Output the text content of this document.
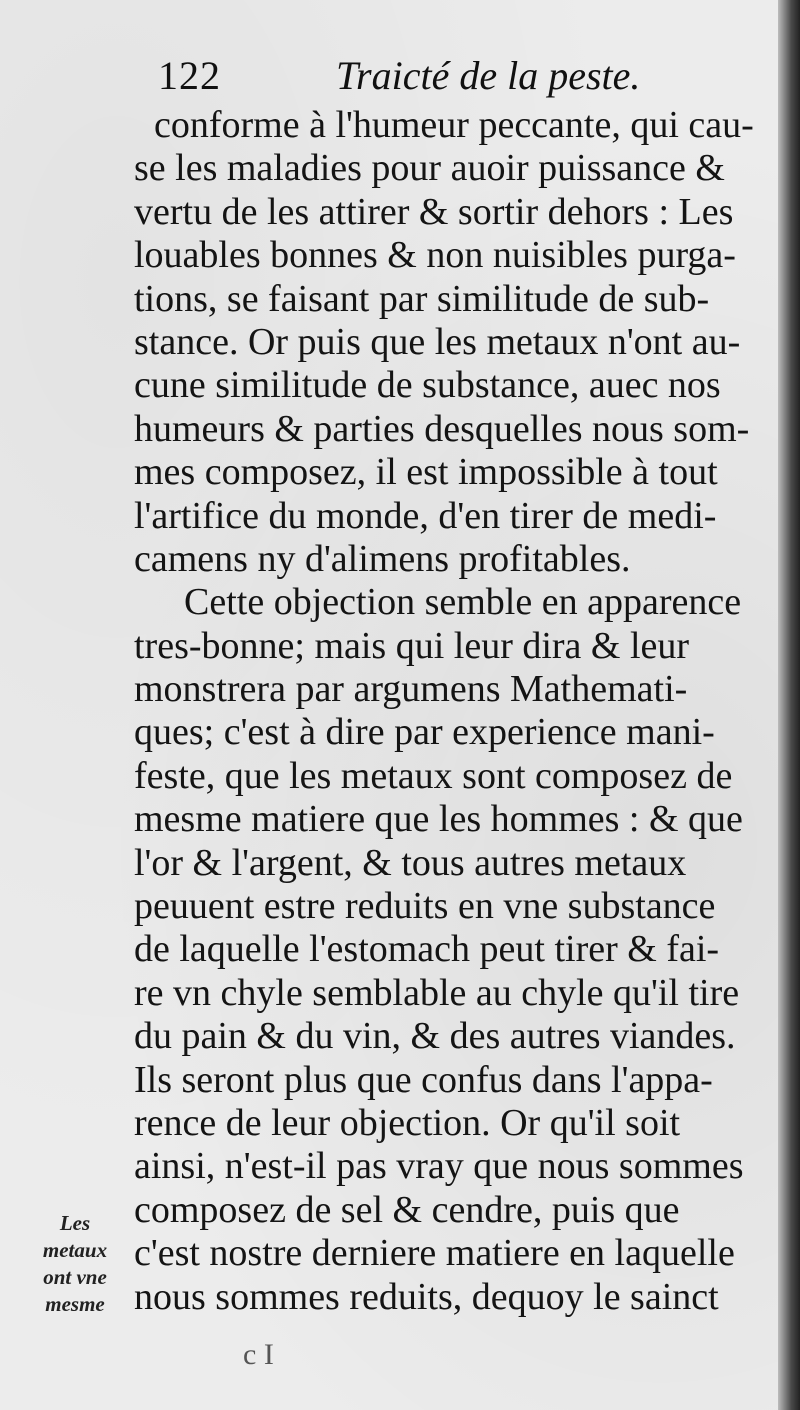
122	Traicté de la peste.
conforme à l'humeur peccante, qui cau-
se les maladies pour auoir puissance &
vertu de les attirer & sortir dehors : Les
louables bonnes & non nuisibles purga-
tions, se faisant par similitude de sub-
stance. Or puis que les metaux n'ont au-
cune similitude de substance, auec nos
humeurs & parties desquelles nous som-
mes composez, il est impossible à tout
l'artifice du monde, d'en tirer de medi-
camens ny d'alimens profitables.
Cette objection semble en apparence
tres-bonne; mais qui leur dira & leur
monstrera par argumens Mathemati-
ques; c'est à dire par experience mani-
feste, que les metaux sont composez de
mesme matiere que les hommes : & que
l'or & l'argent, & tous autres metaux
peuuent estre reduits en vne substance
de laquelle l'estomach peut tirer & fai-
re vn chyle semblable au chyle qu'il tire
du pain & du vin, & des autres viandes.
Ils seront plus que confus dans l'appa-
rence de leur objection. Or qu'il soit
ainsi, n'est-il pas vray que nous sommes
composez de sel & cendre, puis que
c'est nostre derniere matiere en laquelle
nous sommes reduits, dequoy le sainct
Les
metaux
ont vne
mesme
c I
